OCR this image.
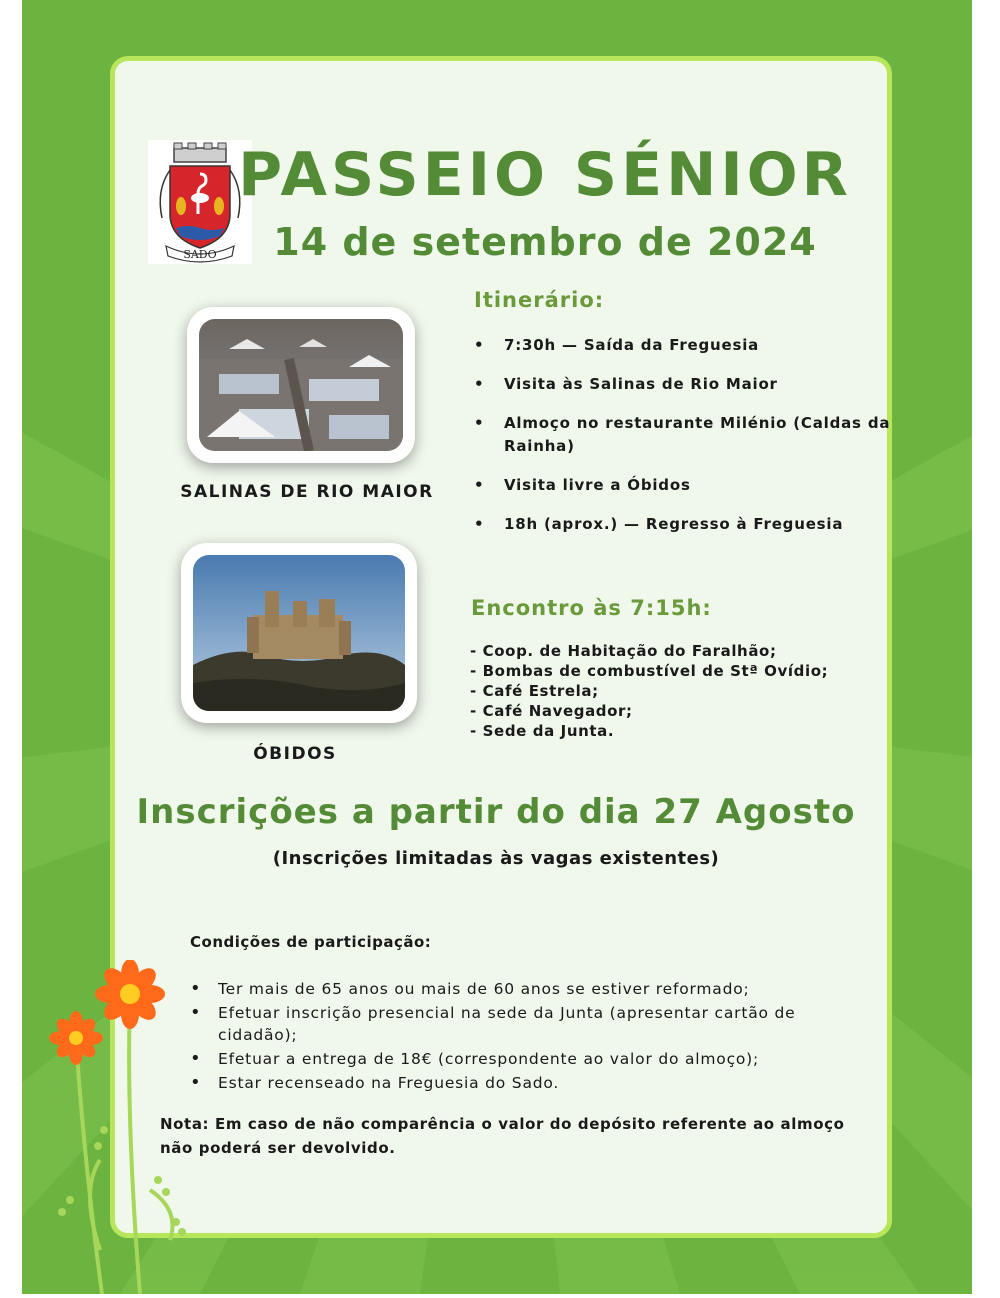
SADO
PASSEIO SÉNIOR
14 de setembro de 2024
SALINAS DE RIO MAIOR
ÓBIDOS
Itinerário:
• 7:30h — Saída da Freguesia
• Visita às Salinas de Rio Maior
• Almoço no restaurante Milénio (Caldas da Rainha)
• Visita livre a Óbidos
• 18h (aprox.) — Regresso à Freguesia
Encontro às 7:15h:
- Coop. de Habitação do Faralhão;
- Bombas de combustível de Stª Ovídio;
- Café Estrela;
- Café Navegador;
- Sede da Junta.
Inscrições a partir do dia 27 Agosto
(Inscrições limitadas às vagas existentes)
Condições de participação:
• Ter mais de 65 anos ou mais de 60 anos se estiver reformado;
• Efetuar inscrição presencial na sede da Junta (apresentar cartão de cidadão);
• Efetuar a entrega de 18€ (correspondente ao valor do almoço);
• Estar recenseado na Freguesia do Sado.
Nota: Em caso de não comparência o valor do depósito referente ao almoço não poderá ser devolvido.
